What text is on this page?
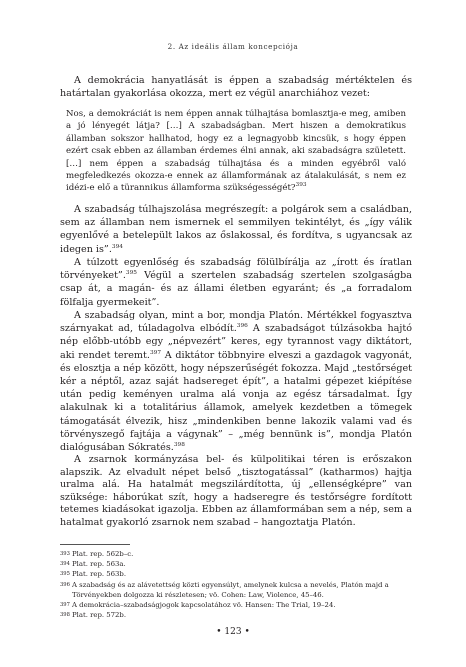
2. Az ideális állam koncepciója
A demokrácia hanyatlását is éppen a szabadság mértéktelen és határtalan gyakorlása okozza, mert ez végül anarchiához vezet:
Nos, a demokráciát is nem éppen annak túlhajtása bomlasztja-e meg, amiben a jó lényegét látja? […] A szabadságban. Mert hiszen a demokratikus államban sokszor hallhatod, hogy ez a legnagyobb kincsük, s hogy éppen ezért csak ebben az államban érdemes élni annak, aki szabadságra született. […] nem éppen a szabadság túlhajtása és a minden egyébről való megfeledkezés okozza-e ennek az államformának az átalakulását, s nem ez idézi-e elő a türannikus államforma szükségességét?$^{393}$
A szabadság túlhajszolása megrészegít: a polgárok sem a családban, sem az államban nem ismernek el semmilyen tekintélyt, és „így válik egyenlővé a betelepült lakos az őslakossal, és fordítva, s ugyancsak az idegen is”.$^{394}$
A túlzott egyenlőség és szabadság fölülbírálja az „írott és íratlan törvényeket”.$^{395}$ Végül a szertelen szabadság szertelen szolgaságba csap át, a magán- és az állami életben egyaránt; és „a forradalom fölfalja gyermekeit”.
A szabadság olyan, mint a bor, mondja Platón. Mértékkel fogyasztva szárnyakat ad, túladagolva elbódít.$^{396}$ A szabadságot túlzásokba hajtó nép előbb-utóbb egy „népvezért” keres, egy tyrannost vagy diktátort, aki rendet teremt.$^{397}$ A diktátor többnyire elveszi a gazdagok vagyonát, és elosztja a nép között, hogy népszerűségét fokozza. Majd „testőrséget kér a néptől, azaz saját hadsereget épít”, a hatalmi gépezet kiépítése után pedig keményen uralma alá vonja az egész társadalmat. Így alakulnak ki a totalitárius államok, amelyek kezdetben a tömegek támogatását élvezik, hisz „mindenkiben benne lakozik valami vad és törvényszegő fajtája a vágynak” – „még bennünk is”, mondja Platón dialógusában Sókratés.$^{398}$
A zsarnok kormányzása bel- és külpolitikai téren is erőszakon alapszik. Az elvadult népet belső „tisztogatással” (katharmos) hajtja uralma alá. Ha hatalmát megszilárdította, új „ellenségképre” van szüksége: háborúkat szít, hogy a hadseregre és testőrségre fordított tetemes kiadásokat igazolja. Ebben az államformában sem a nép, sem a hatalmat gyakorló zsarnok nem szabad – hangoztatja Platón.
393 Plat. rep. 562b–c.
394 Plat. rep. 563a.
395 Plat. rep. 563b.
396 A szabadság és az alávetettség közti egyensúlyt, amelynek kulcsa a nevelés, Platón majd a Törvényekben dolgozza ki részletesen; vö. Cohen: Law, Violence, 45–46.
397 A demokrácia–szabadságjogok kapcsolatához vö. Hansen: The Trial, 19–24.
398 Plat. rep. 572b.
• 123 •
